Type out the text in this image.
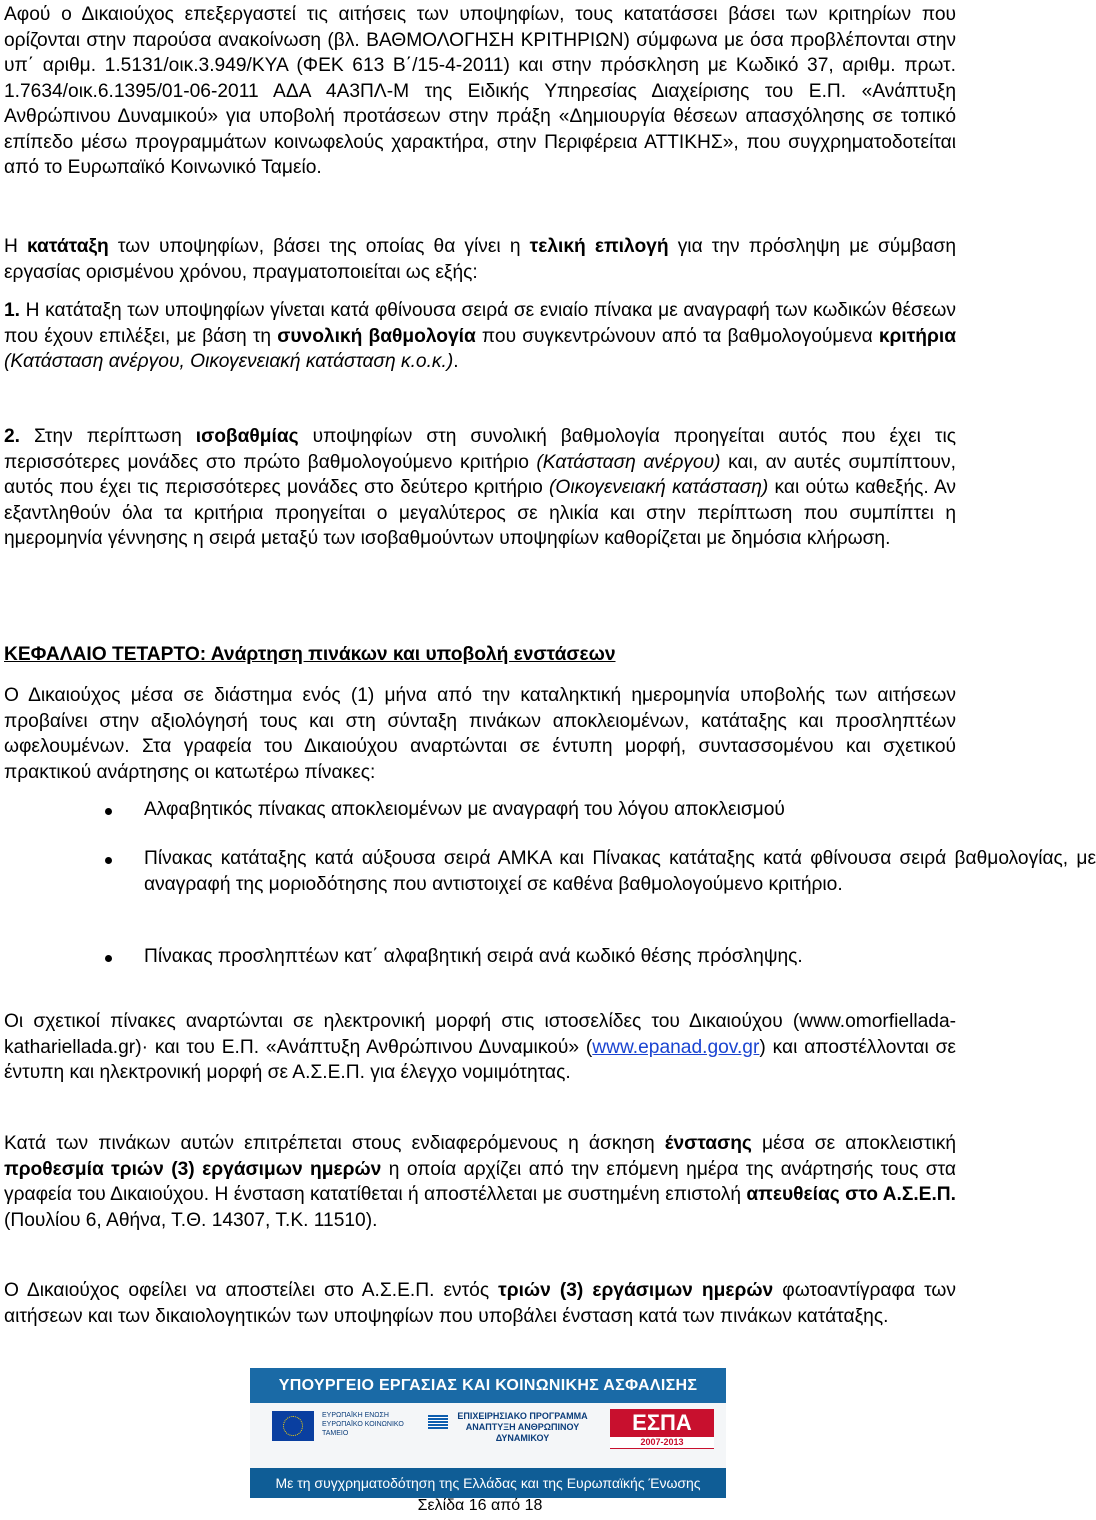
Αφού ο Δικαιούχος επεξεργαστεί τις αιτήσεις των υποψηφίων, τους κατατάσσει βάσει των κριτηρίων που ορίζονται στην παρούσα ανακοίνωση (βλ. ΒΑΘΜΟΛΟΓΗΣΗ ΚΡΙΤΗΡΙΩΝ) σύμφωνα με όσα προβλέπονται στην υπ΄ αριθμ. 1.5131/οικ.3.949/ΚΥΑ (ΦΕΚ 613 Β΄/15-4-2011) και στην πρόσκληση με Κωδικό 37, αριθμ. πρωτ. 1.7634/οικ.6.1395/01-06-2011 ΑΔΑ 4Α3ΠΛ-Μ της Ειδικής Υπηρεσίας Διαχείρισης του Ε.Π. «Ανάπτυξη Ανθρώπινου Δυναμικού» για υποβολή προτάσεων στην πράξη «Δημιουργία θέσεων απασχόλησης σε τοπικό επίπεδο μέσω προγραμμάτων κοινωφελούς χαρακτήρα, στην Περιφέρεια ΑΤΤΙΚΗΣ», που συγχρηματοδοτείται από το Ευρωπαϊκό Κοινωνικό Ταμείο.

Η κατάταξη των υποψηφίων, βάσει της οποίας θα γίνει η τελική επιλογή για την πρόσληψη με σύμβαση εργασίας ορισμένου χρόνου, πραγματοποιείται ως εξής:

1. Η κατάταξη των υποψηφίων γίνεται κατά φθίνουσα σειρά σε ενιαίο πίνακα με αναγραφή των κωδικών θέσεων που έχουν επιλέξει, με βάση τη συνολική βαθμολογία που συγκεντρώνουν από τα βαθμολογούμενα κριτήρια (Κατάσταση ανέργου, Οικογενειακή κατάσταση κ.ο.κ.).

2. Στην περίπτωση ισοβαθμίας υποψηφίων στη συνολική βαθμολογία προηγείται αυτός που έχει τις περισσότερες μονάδες στο πρώτο βαθμολογούμενο κριτήριο (Κατάσταση ανέργου) και, αν αυτές συμπίπτουν, αυτός που έχει τις περισσότερες μονάδες στο δεύτερο κριτήριο (Οικογενειακή κατάσταση) και ούτω καθεξής. Αν εξαντληθούν όλα τα κριτήρια προηγείται ο μεγαλύτερος σε ηλικία και στην περίπτωση που συμπίπτει η ημερομηνία γέννησης η σειρά μεταξύ των ισοβαθμούντων υποψηφίων καθορίζεται με δημόσια κλήρωση.

ΚΕΦΑΛΑΙΟ ΤΕΤΑΡΤΟ: Ανάρτηση πινάκων και υποβολή ενστάσεων

Ο Δικαιούχος μέσα σε διάστημα ενός (1) μήνα από την καταληκτική ημερομηνία υποβολής των αιτήσεων προβαίνει στην αξιολόγησή τους και στη σύνταξη πινάκων αποκλειομένων, κατάταξης και προσληπτέων ωφελουμένων. Στα γραφεία του Δικαιούχου αναρτώνται σε έντυπη μορφή, συντασσομένου και σχετικού πρακτικού ανάρτησης οι κατωτέρω πίνακες:

Αλφαβητικός πίνακας αποκλειομένων με αναγραφή του λόγου αποκλεισμού
Πίνακας κατάταξης κατά αύξουσα σειρά ΑΜΚΑ και Πίνακας κατάταξης κατά φθίνουσα σειρά βαθμολογίας, με αναγραφή της μοριοδότησης που αντιστοιχεί σε καθένα βαθμολογούμενο κριτήριο.
Πίνακας προσληπτέων κατ΄ αλφαβητική σειρά ανά κωδικό θέσης πρόσληψης.

Οι σχετικοί πίνακες αναρτώνται σε ηλεκτρονική μορφή στις ιστοσελίδες του Δικαιούχου (www.omorfiellada-kathariellada.gr)· και του Ε.Π. «Ανάπτυξη Ανθρώπινου Δυναμικού» (www.epanad.gov.gr) και αποστέλλονται σε έντυπη και ηλεκτρονική μορφή σε Α.Σ.Ε.Π. για έλεγχο νομιμότητας.

Κατά των πινάκων αυτών επιτρέπεται στους ενδιαφερόμενους η άσκηση ένστασης μέσα σε αποκλειστική προθεσμία τριών (3) εργάσιμων ημερών η οποία αρχίζει από την επόμενη ημέρα της ανάρτησής τους στα γραφεία του Δικαιούχου. Η ένσταση κατατίθεται ή αποστέλλεται με συστημένη επιστολή απευθείας στο Α.Σ.Ε.Π. (Πουλίου 6, Αθήνα, Τ.Θ. 14307, Τ.Κ. 11510).

Ο Δικαιούχος οφείλει να αποστείλει στο Α.Σ.Ε.Π. εντός τριών (3) εργάσιμων ημερών φωτοαντίγραφα των αιτήσεων και των δικαιολογητικών των υποψηφίων που υποβάλει ένσταση κατά των πινάκων κατάταξης.

ΥΠΟΥΡΓΕΙΟ ΕΡΓΑΣΙΑΣ ΚΑΙ ΚΟΙΝΩΝΙΚΗΣ ΑΣΦΑΛΙΣΗΣ
ΕΥΡΩΠΑΪΚΗ ΕΝΩΣΗ ΕΥΡΩΠΑΪΚΟ ΚΟΙΝΩΝΙΚΟ ΤΑΜΕΙΟ
ΕΠΙΧΕΙΡΗΣΙΑΚΟ ΠΡΟΓΡΑΜΜΑ ΑΝΑΠΤΥΞΗ ΑΝΘΡΩΠΙΝΟΥ ΔΥΝΑΜΙΚΟΥ
ΕΣΠΑ
2007-2013
Με τη συγχρηματοδότηση της Ελλάδας και της Ευρωπαϊκής Ένωσης
Σελίδα 16 από 18
